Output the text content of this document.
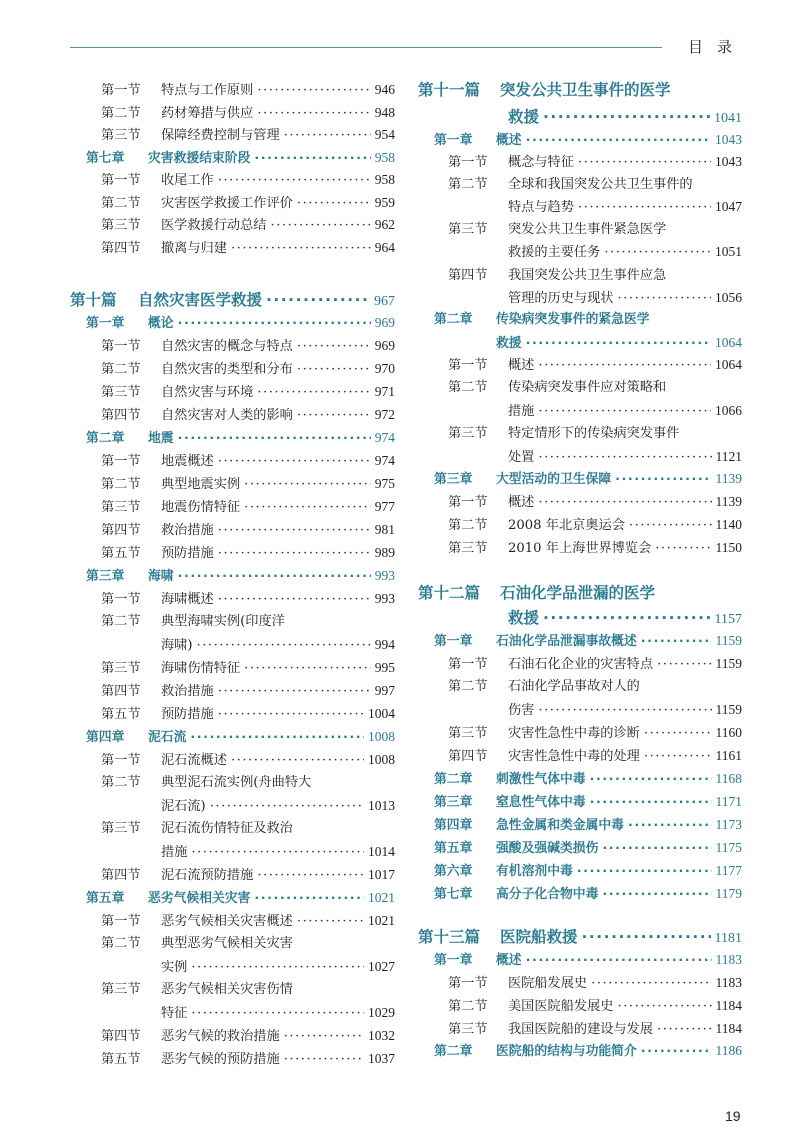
目录
第一节	特点与工作原则 ·····	946
第二节	药材筹措与供应 ·····	948
第三节	保障经费控制与管理 ·····	954
第七章	灾害救援结束阶段 ·····	958
第一节	收尾工作 ·····	958
第二节	灾害医学救援工作评价 ·····	959
第三节	医学救援行动总结 ·····	962
第四节	撤离与归建 ·····	964
第十篇	自然灾害医学救援 ·····	967
第一章	概论 ·····	969
第一节	自然灾害的概念与特点 ·····	969
第二节	自然灾害的类型和分布 ·····	970
第三节	自然灾害与环境 ·····	971
第四节	自然灾害对人类的影响 ·····	972
第二章	地震 ·····	974
第一节	地震概述 ·····	974
第二节	典型地震实例 ·····	975
第三节	地震伤情特征 ·····	977
第四节	救治措施 ·····	981
第五节	预防措施 ·····	989
第三章	海啸 ·····	993
第一节	海啸概述 ·····	993
第二节 典型海啸实例(印度洋
海啸) ·····	994
第三节	海啸伤情特征 ·····	995
第四节	救治措施 ·····	997
第五节	预防措施 ·····	1004
第四章	泥石流 ·····	1008
第一节	泥石流概述 ·····	1008
第二节 典型泥石流实例(舟曲特大
泥石流) ·····	1013
第三节 泥石流伤情特征及救治
措施 ·····	1014
第四节	泥石流预防措施 ·····	1017
第五章	恶劣气候相关灾害 ·····	1021
第一节	恶劣气候相关灾害概述 ·····	1021
第二节 典型恶劣气候相关灾害
实例 ·····	1027
第三节 恶劣气候相关灾害伤情
特征 ·····	1029
第四节	恶劣气候的救治措施 ·····	1032
第五节	恶劣气候的预防措施 ·····	1037
第十一篇 突发公共卫生事件的医学
救援 ·····	1041
第一章	概述 ·····	1043
第一节	概念与特征 ·····	1043
第二节 全球和我国突发公共卫生事件的
特点与趋势 ·····	1047
第三节 突发公共卫生事件紧急医学
救援的主要任务 ·····	1051
第四节 我国突发公共卫生事件应急
管理的历史与现状 ·····	1056
第二章 传染病突发事件的紧急医学
救援 ·····	1064
第一节	概述 ·····	1064
第二节 传染病突发事件应对策略和
措施 ·····	1066
第三节 特定情形下的传染病突发事件
处置 ·····	1121
第三章	大型活动的卫生保障 ·····	1139
第一节	概述 ·····	1139
第二节	2008 年北京奥运会 ·····	1140
第三节	2010 年上海世界博览会 ·····	1150
第十二篇 石油化学品泄漏的医学
救援 ·····	1157
第一章	石油化学品泄漏事故概述 ·····	1159
第一节	石油石化企业的灾害特点 ·····	1159
第二节 石油化学品事故对人的
伤害 ·····	1159
第三节	灾害性急性中毒的诊断 ·····	1160
第四节	灾害性急性中毒的处理 ·····	1161
第二章	刺激性气体中毒 ·····	1168
第三章	窒息性气体中毒 ·····	1171
第四章	急性金属和类金属中毒 ·····	1173
第五章	强酸及强碱类损伤 ·····	1175
第六章	有机溶剂中毒 ·····	1177
第七章	高分子化合物中毒 ·····	1179
第十三篇	医院船救援 ·····	1181
第一章	概述 ·····	1183
第一节	医院船发展史 ·····	1183
第二节	美国医院船发展史 ·····	1184
第三节	我国医院船的建设与发展 ·····	1184
第二章	医院船的结构与功能简介 ·····	1186
19
